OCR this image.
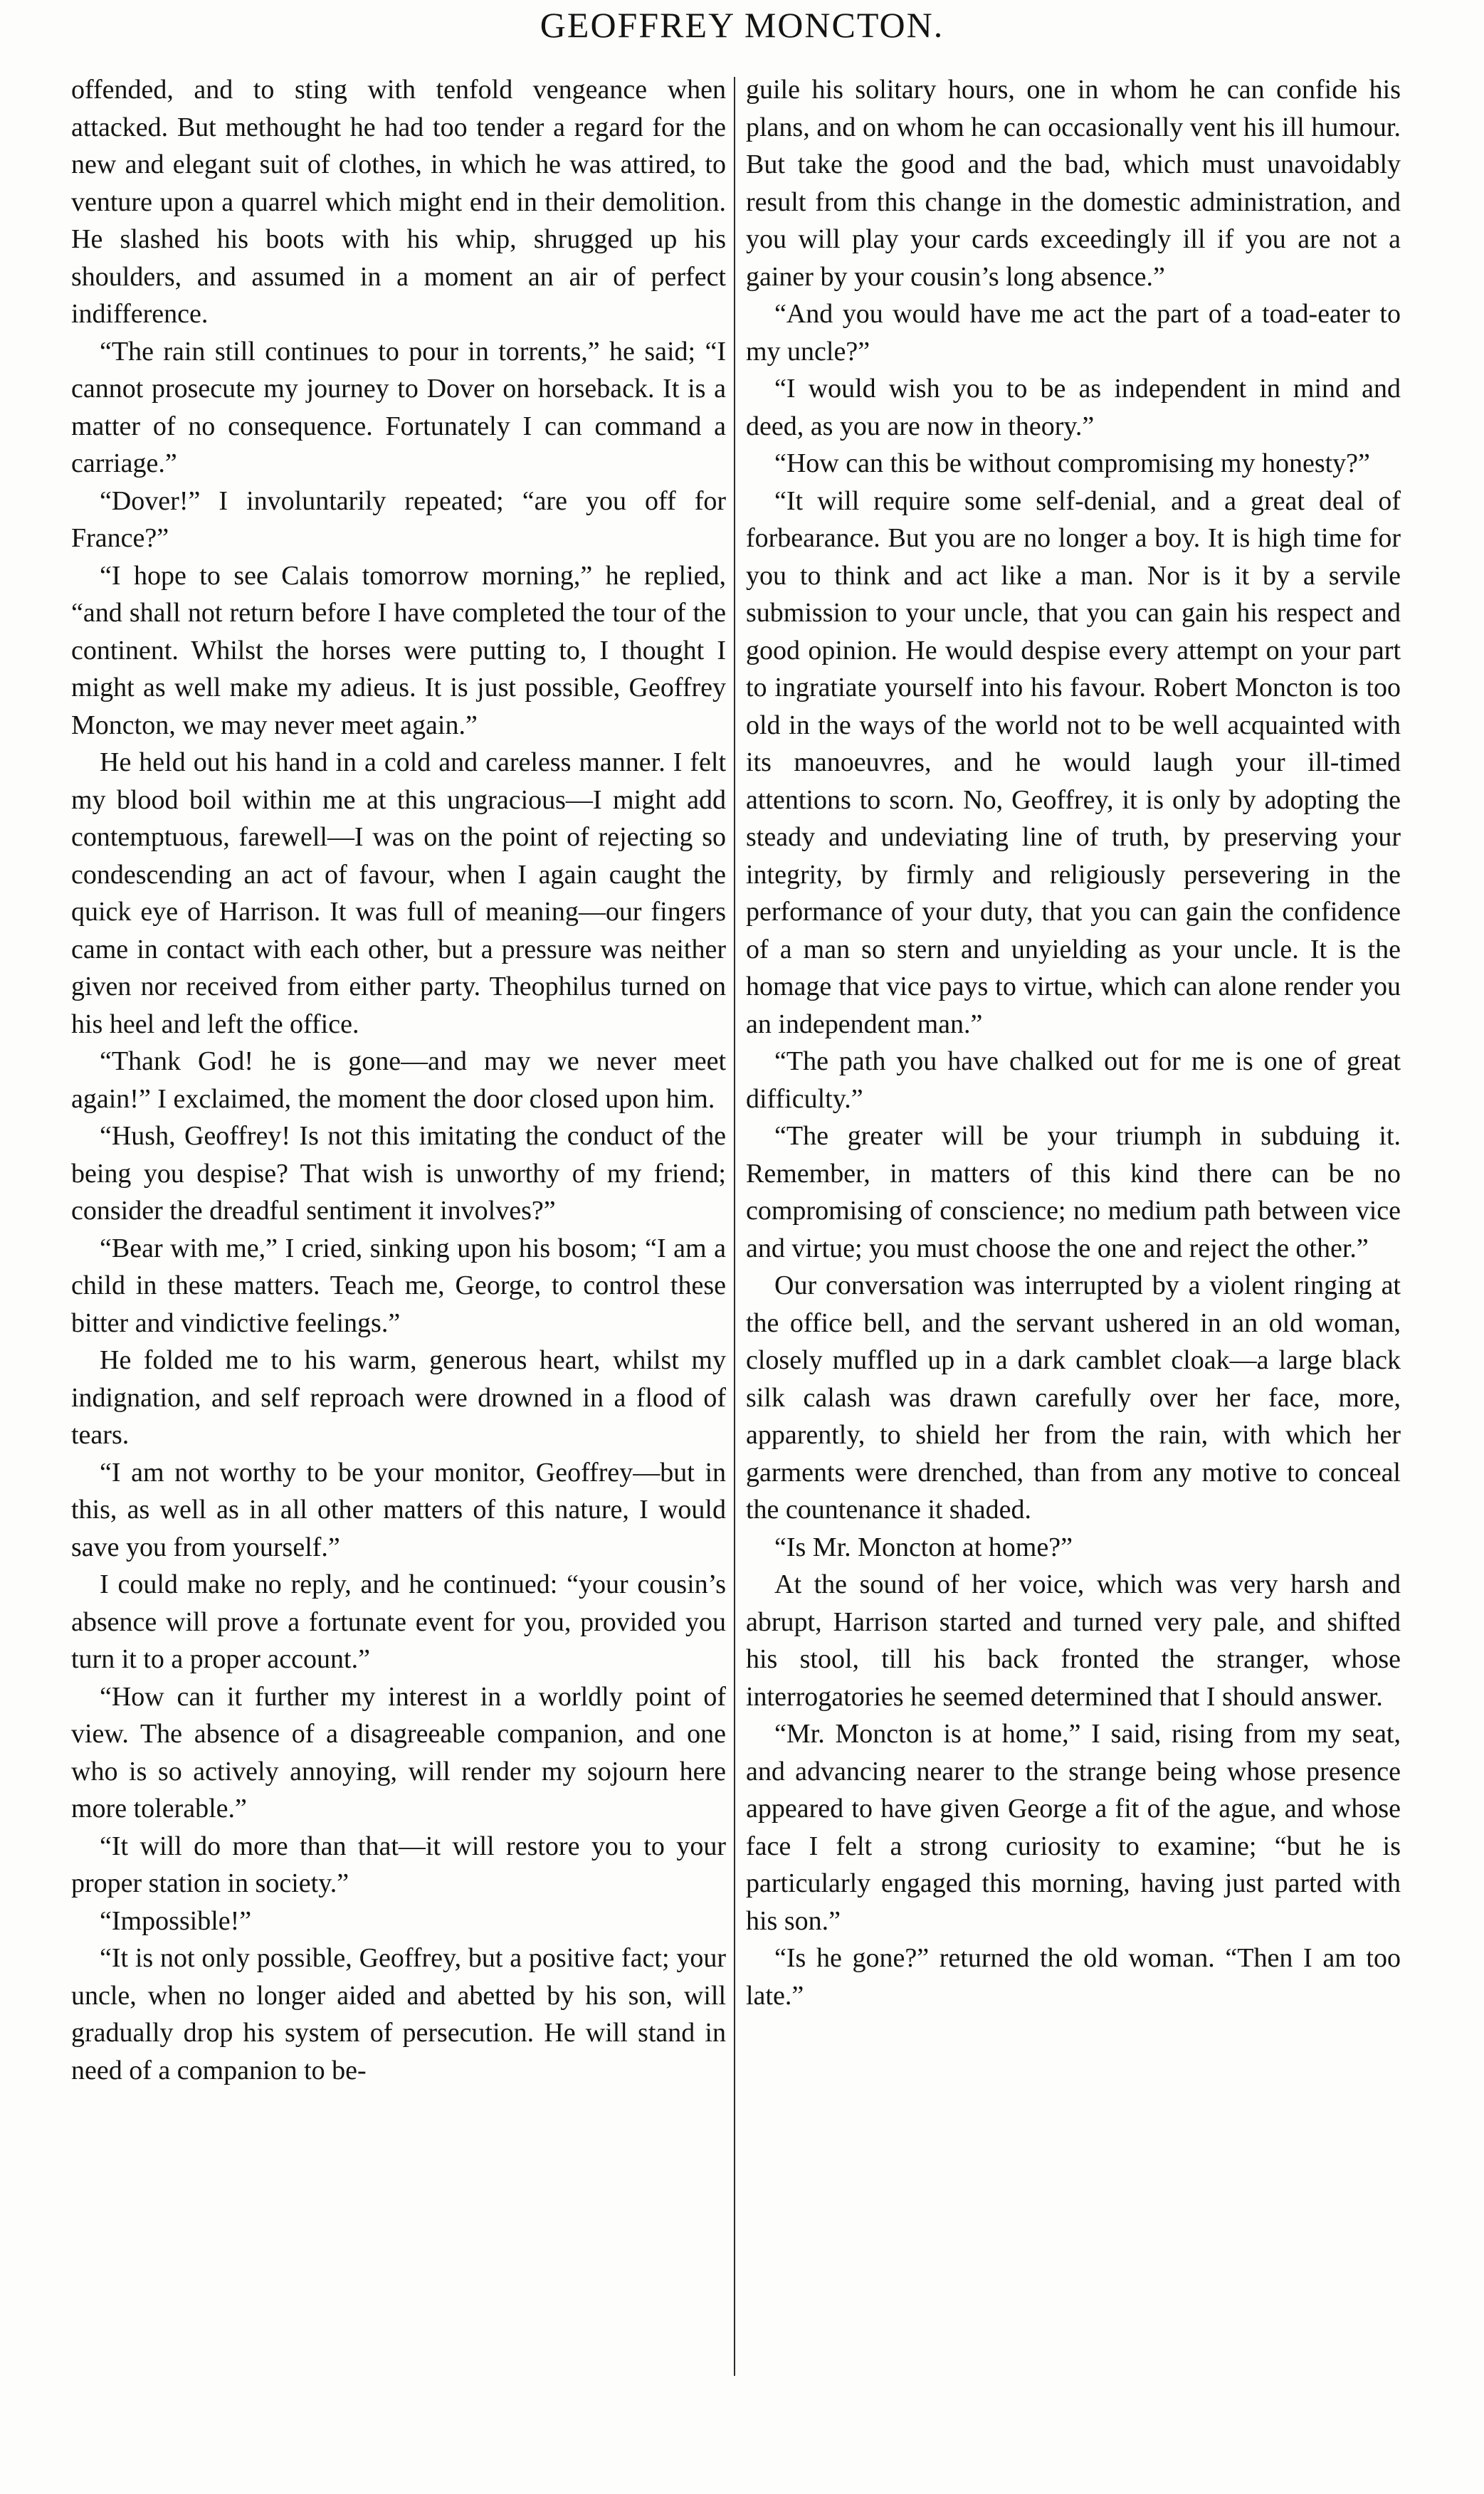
GEOFFREY MONCTON.

offended, and to sting with tenfold vengeance when attacked. But methought he had too tender a regard for the new and elegant suit of clothes, in which he was attired, to venture upon a quarrel which might end in their demolition. He slashed his boots with his whip, shrugged up his shoulders, and assumed in a moment an air of perfect indifference.

“The rain still continues to pour in torrents,” he said; “I cannot prosecute my journey to Dover on horseback. It is a matter of no consequence. Fortunately I can command a carriage.”

“Dover!” I involuntarily repeated; “are you off for France?”

“I hope to see Calais tomorrow morning,” he replied, “and shall not return before I have completed the tour of the continent. Whilst the horses were putting to, I thought I might as well make my adieus. It is just possible, Geoffrey Moncton, we may never meet again.”

He held out his hand in a cold and careless manner. I felt my blood boil within me at this ungracious—I might add contemptuous, farewell—I was on the point of rejecting so condescending an act of favour, when I again caught the quick eye of Harrison. It was full of meaning—our fingers came in contact with each other, but a pressure was neither given nor received from either party. Theophilus turned on his heel and left the office.

“Thank God! he is gone—and may we never meet again!” I exclaimed, the moment the door closed upon him.

“Hush, Geoffrey! Is not this imitating the conduct of the being you despise? That wish is unworthy of my friend; consider the dreadful sentiment it involves?”

“Bear with me,” I cried, sinking upon his bosom; “I am a child in these matters. Teach me, George, to control these bitter and vindictive feelings.”

He folded me to his warm, generous heart, whilst my indignation, and self reproach were drowned in a flood of tears.

“I am not worthy to be your monitor, Geoffrey—but in this, as well as in all other matters of this nature, I would save you from yourself.”

I could make no reply, and he continued: “your cousin’s absence will prove a fortunate event for you, provided you turn it to a proper account.”

“How can it further my interest in a worldly point of view. The absence of a disagreeable companion, and one who is so actively annoying, will render my sojourn here more tolerable.”

“It will do more than that—it will restore you to your proper station in society.”

“Impossible!”

“It is not only possible, Geoffrey, but a positive fact; your uncle, when no longer aided and abetted by his son, will gradually drop his system of persecution. He will stand in need of a companion to be-

guile his solitary hours, one in whom he can confide his plans, and on whom he can occasionally vent his ill humour. But take the good and the bad, which must unavoidably result from this change in the domestic administration, and you will play your cards exceedingly ill if you are not a gainer by your cousin’s long absence.”

“And you would have me act the part of a toad-eater to my uncle?”

“I would wish you to be as independent in mind and deed, as you are now in theory.”

“How can this be without compromising my honesty?”

“It will require some self-denial, and a great deal of forbearance. But you are no longer a boy. It is high time for you to think and act like a man. Nor is it by a servile submission to your uncle, that you can gain his respect and good opinion. He would despise every attempt on your part to ingratiate yourself into his favour. Robert Moncton is too old in the ways of the world not to be well acquainted with its manoeuvres, and he would laugh your ill-timed attentions to scorn. No, Geoffrey, it is only by adopting the steady and undeviating line of truth, by preserving your integrity, by firmly and religiously persevering in the performance of your duty, that you can gain the confidence of a man so stern and unyielding as your uncle. It is the homage that vice pays to virtue, which can alone render you an independent man.”

“The path you have chalked out for me is one of great difficulty.”

“The greater will be your triumph in subduing it. Remember, in matters of this kind there can be no compromising of conscience; no medium path between vice and virtue; you must choose the one and reject the other.”

Our conversation was interrupted by a violent ringing at the office bell, and the servant ushered in an old woman, closely muffled up in a dark camblet cloak—a large black silk calash was drawn carefully over her face, more, apparently, to shield her from the rain, with which her garments were drenched, than from any motive to conceal the countenance it shaded.

“Is Mr. Moncton at home?”

At the sound of her voice, which was very harsh and abrupt, Harrison started and turned very pale, and shifted his stool, till his back fronted the stranger, whose interrogatories he seemed determined that I should answer.

“Mr. Moncton is at home,” I said, rising from my seat, and advancing nearer to the strange being whose presence appeared to have given George a fit of the ague, and whose face I felt a strong curiosity to examine; “but he is particularly engaged this morning, having just parted with his son.”

“Is he gone?” returned the old woman. “Then I am too late.”
